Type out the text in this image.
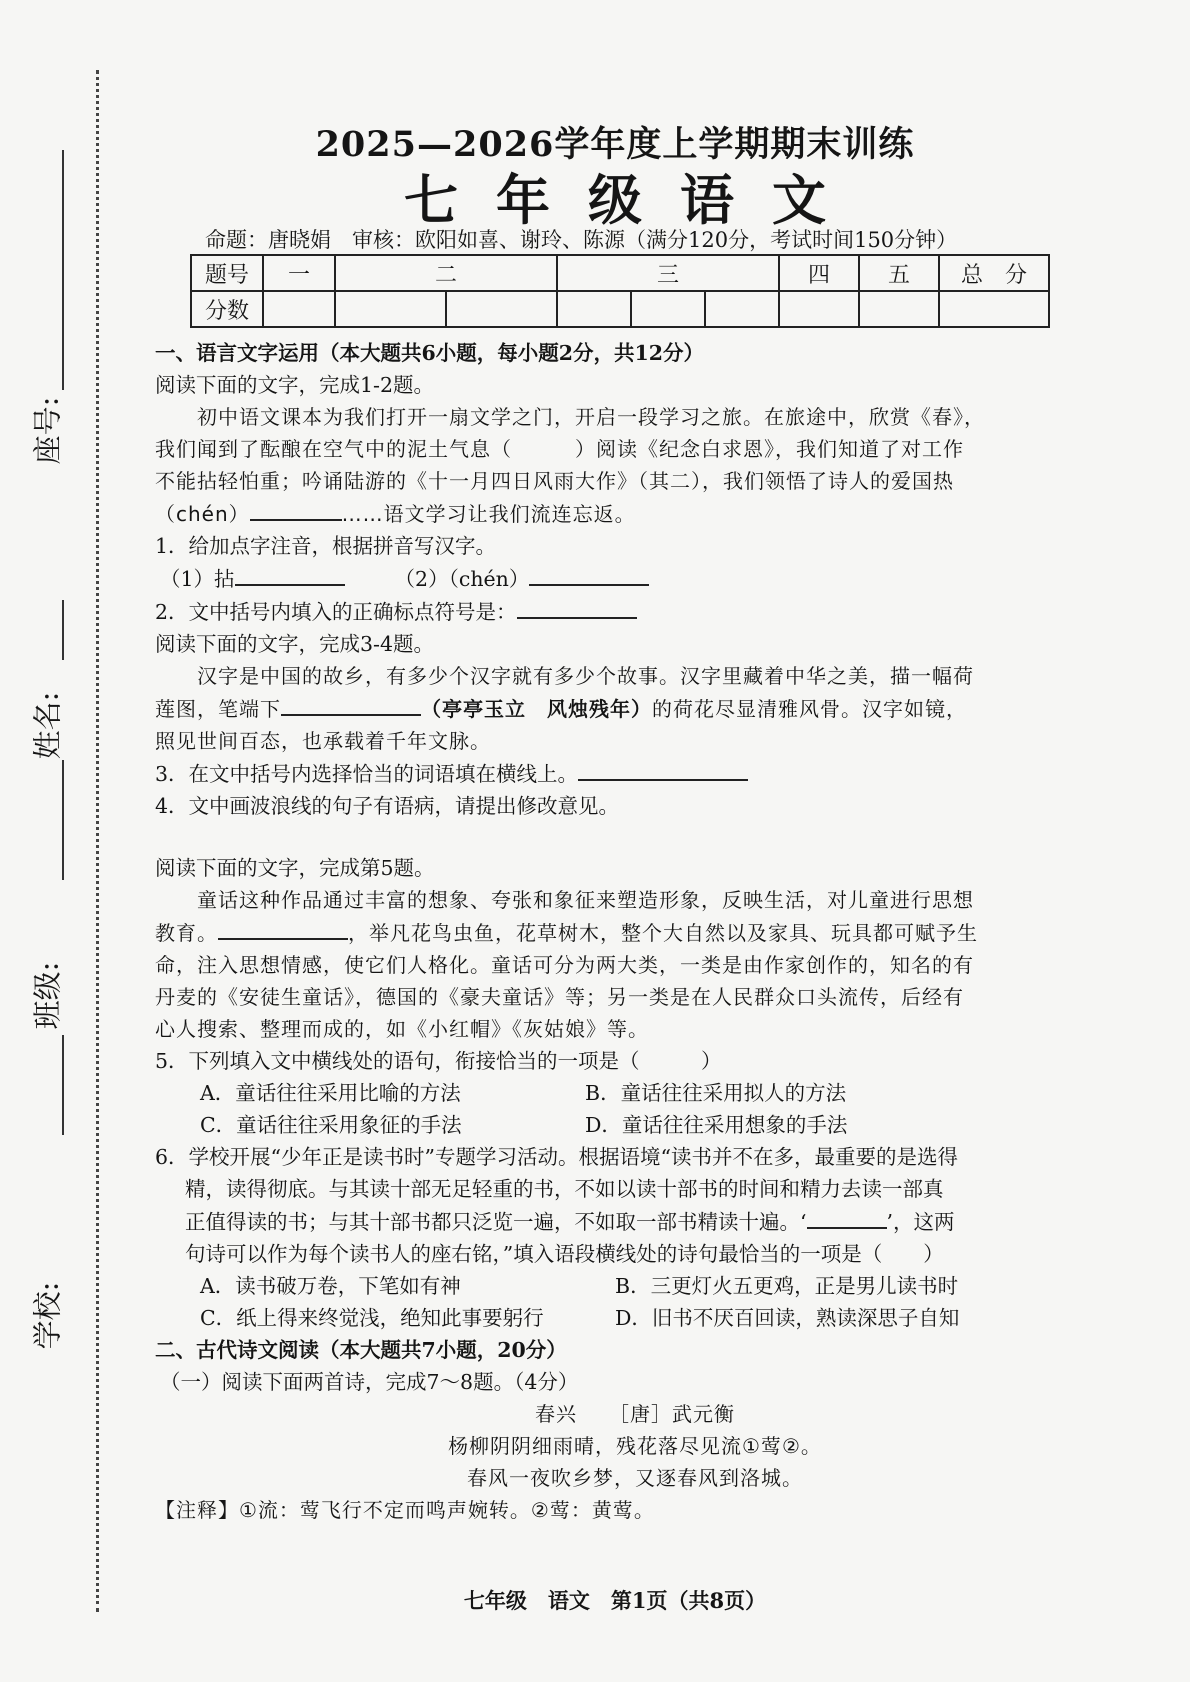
座号:
姓名:
班级:
学校:
2025—2026学年度上学期期末训练
七年级语文
命题：唐晓娟　审核：欧阳如喜、谢玲、陈源（满分120分，考试时间150分钟）
题号	一	二		三			四	五	总　分
分数									

一、语言文字运用（本大题共6小题，每小题2分，共12分）

阅读下面的文字，完成1-2题。

初中语文课本为我们打开一扇文学之门，开启一段学习之旅。在旅途中，欣赏《春》，

我们闻到了酝酿在空气中的泥土气息（　　　）阅读《纪念白求恩》，我们知道了对工作

不能拈轻怕重；吟诵陆游的《十一月四日风雨大作》（其二），我们领悟了诗人的爱国热

（chén）	……语文学习让我们流连忘返。

1．给加点字注音，根据拼音写汉字。

（1）拈	（2）（chén）

2．文中括号内填入的正确标点符号是：

阅读下面的文字，完成3-4题。

汉字是中国的故乡，有多少个汉字就有多少个故事。汉字里藏着中华之美，描一幅荷

莲图，笔端下	（亭亭玉立　风烛残年）的荷花尽显清雅风骨。汉字如镜，

照见世间百态，也承载着千年文脉。

3．在文中括号内选择恰当的词语填在横线上。

4．文中画波浪线的句子有语病，请提出修改意见。

阅读下面的文字，完成第5题。

童话这种作品通过丰富的想象、夸张和象征来塑造形象，反映生活，对儿童进行思想

教育。	，举凡花鸟虫鱼，花草树木，整个大自然以及家具、玩具都可赋予生

命，注入思想情感，使它们人格化。童话可分为两大类，一类是由作家创作的，知名的有

丹麦的《安徒生童话》，德国的《豪夫童话》等；另一类是在人民群众口头流传，后经有

心人搜索、整理而成的，如《小红帽》《灰姑娘》等。

5．下列填入文中横线处的语句，衔接恰当的一项是（　　　）

A．童话往往采用比喻的方法	B．童话往往采用拟人的方法
C．童话往往采用象征的手法	D．童话往往采用想象的手法

6．学校开展“少年正是读书时”专题学习活动。根据语境“读书并不在多，最重要的是选得

精，读得彻底。与其读十部无足轻重的书，不如以读十部书的时间和精力去读一部真

正值得读的书；与其十部书都只泛览一遍，不如取一部书精读十遍。‘	’，这两

句诗可以作为每个读书人的座右铭，”填入语段横线处的诗句最恰当的一项是（　　）

A．读书破万卷，下笔如有神	B．三更灯火五更鸡，正是男儿读书时
C．纸上得来终觉浅，绝知此事要躬行	D．旧书不厌百回读，熟读深思子自知

二、古代诗文阅读（本大题共7小题，20分）

（一）阅读下面两首诗，完成7～8题。（4分）

春兴　　［唐］武元衡

杨柳阴阴细雨晴，残花落尽见流①莺②。

春风一夜吹乡梦，又逐春风到洛城。

【注释】①流：莺飞行不定而鸣声婉转。②莺：黄莺。

七年级　语文　第1页（共8页）
